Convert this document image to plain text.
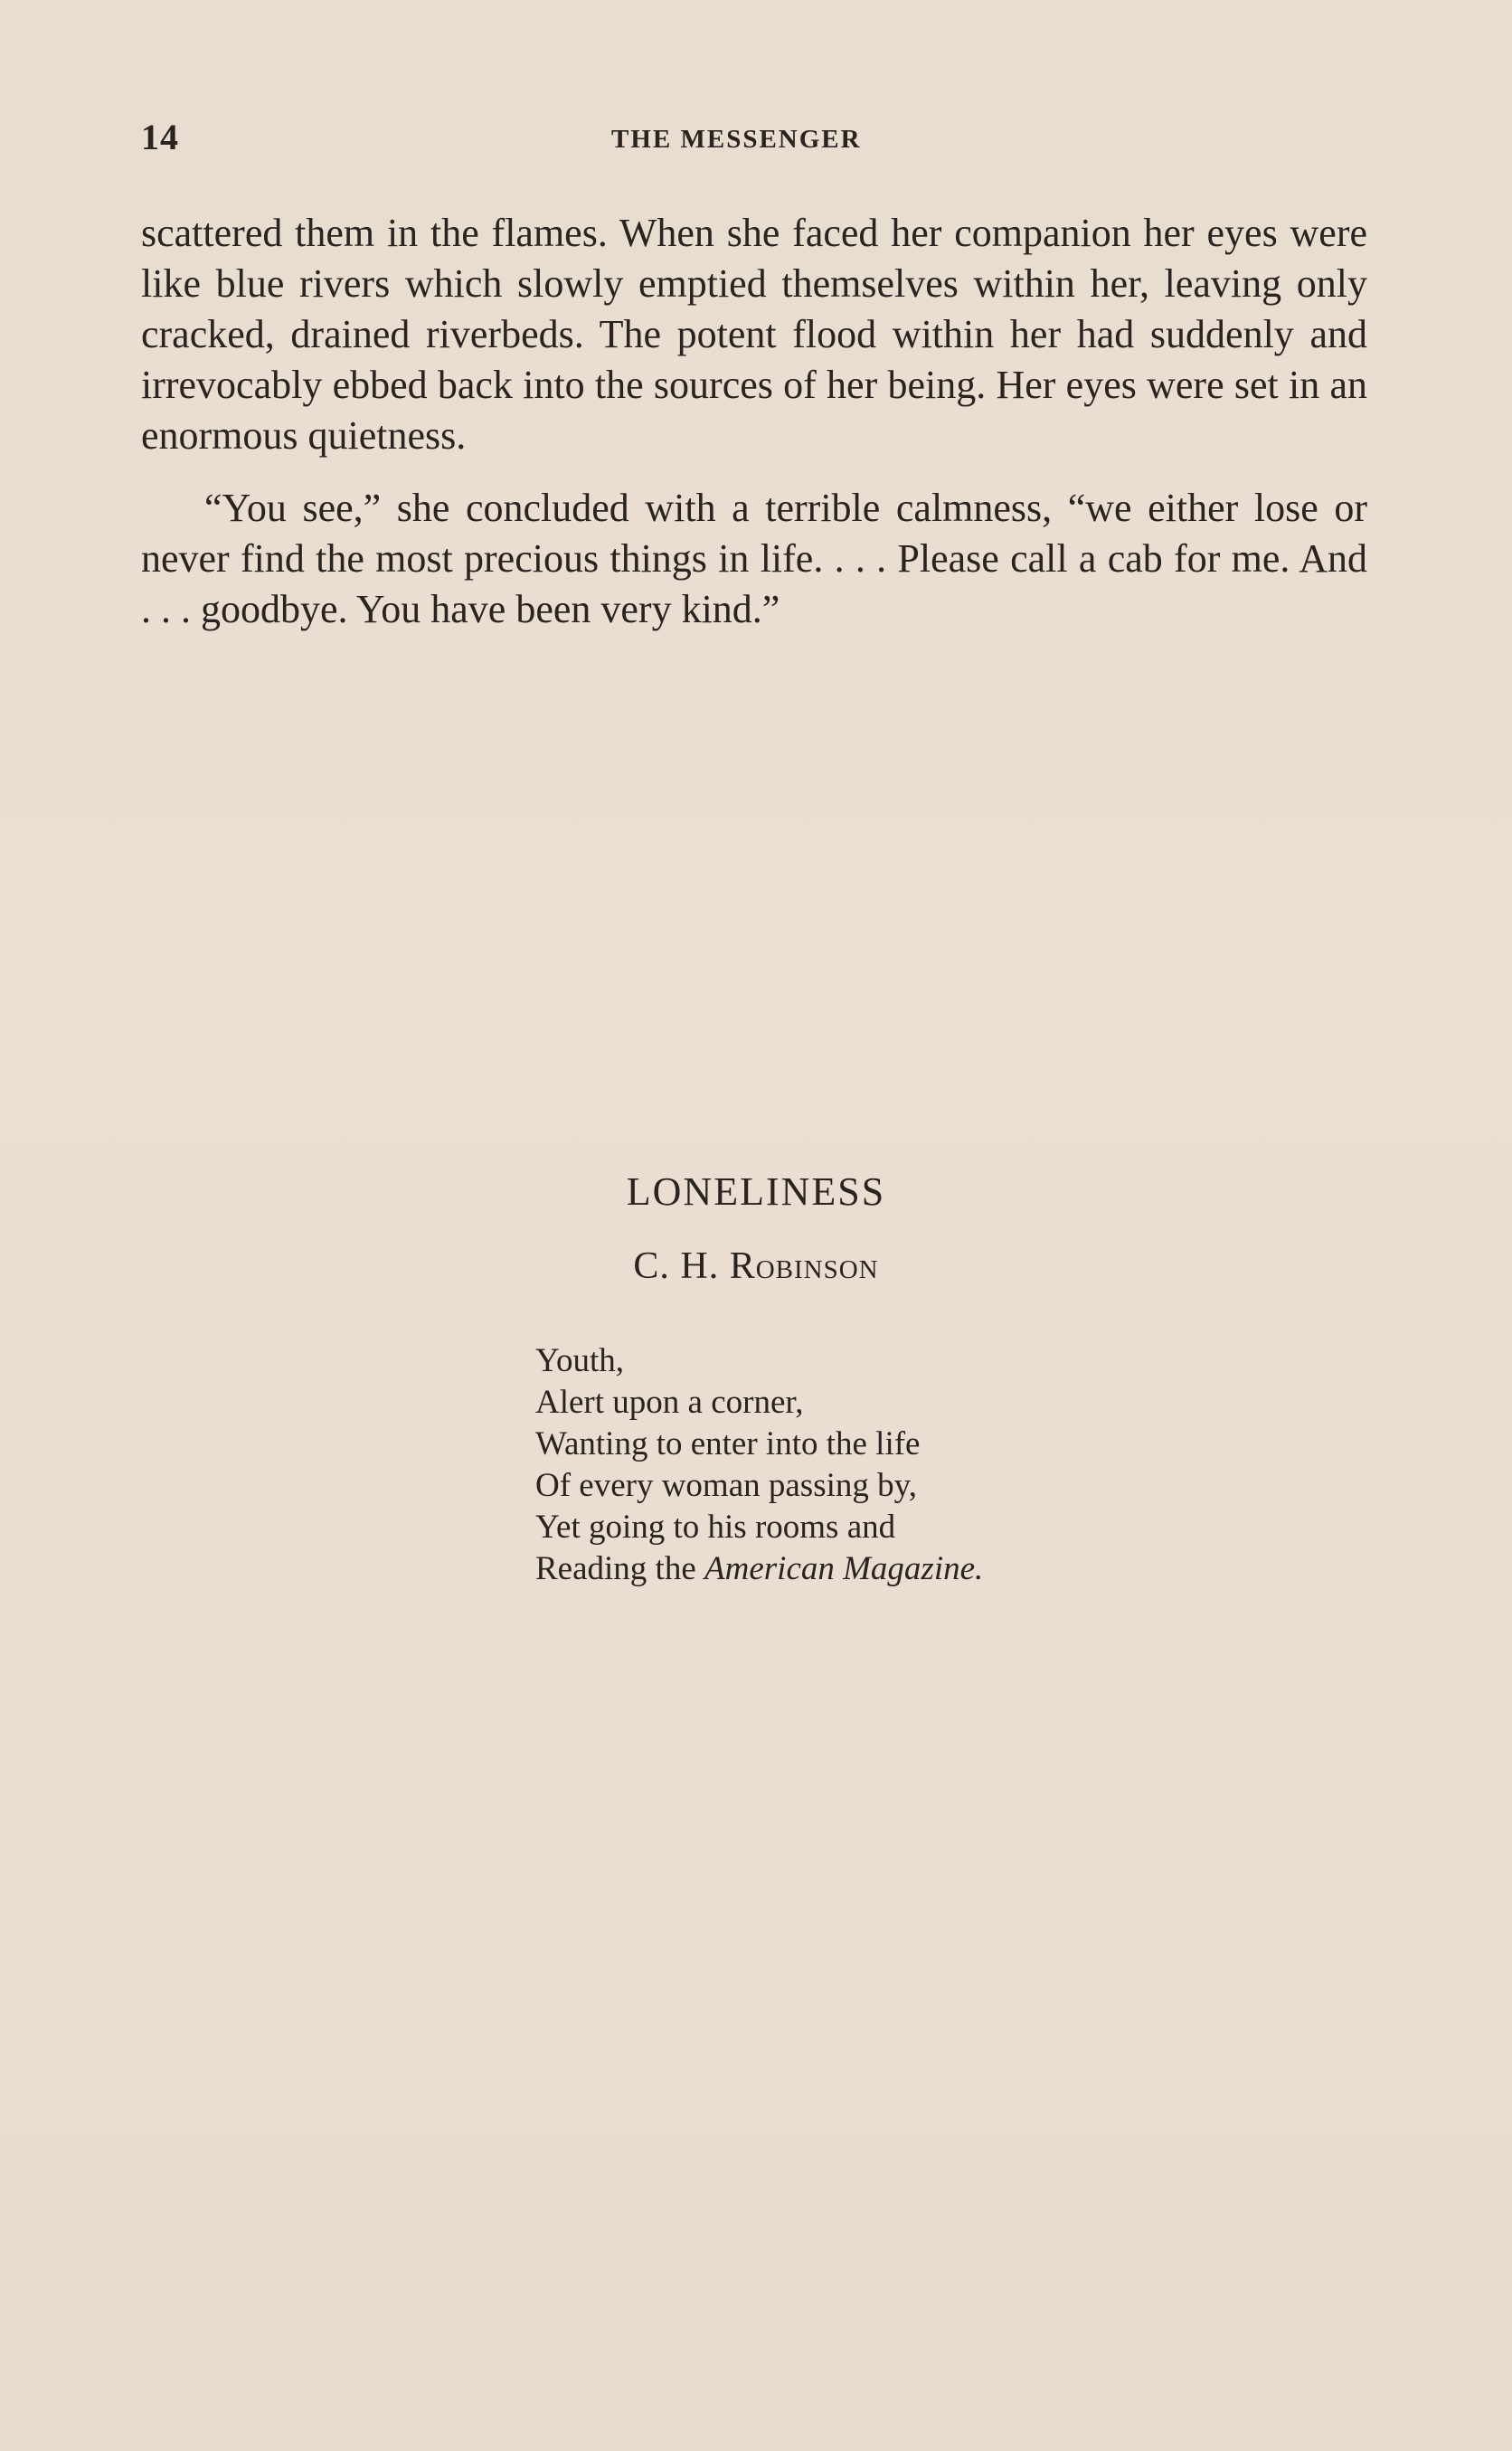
14	THE MESSENGER

scattered them in the flames. When she faced her companion her eyes were like blue rivers which slowly emptied themselves within her, leaving only cracked, drained riverbeds. The potent flood within her had suddenly and irrevocably ebbed back into the sources of her being. Her eyes were set in an enormous quietness.

“You see,” she concluded with a terrible calmness, “we either lose or never find the most precious things in life. . . . Please call a cab for me. And . . . goodbye. You have been very kind.”

LONELINESS
C. H. Robinson
Youth,
Alert upon a corner,
Wanting to enter into the life
Of every woman passing by,
Yet going to his rooms and
Reading the American Magazine.
